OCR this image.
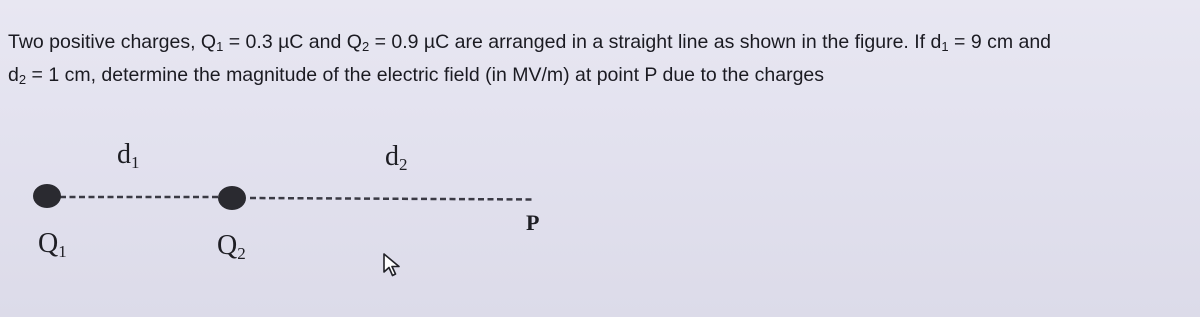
Two positive charges, $Q_1 = 0.3$ µC and $Q_2 = 0.9$ µC are arranged in a straight line as shown in the figure. If $d_1 = 9$ cm and

$d_2 = 1$ cm, determine the magnitude of the electric field (in MV/m) at point P due to the charges

d1	d2
Q1	Q2
P
